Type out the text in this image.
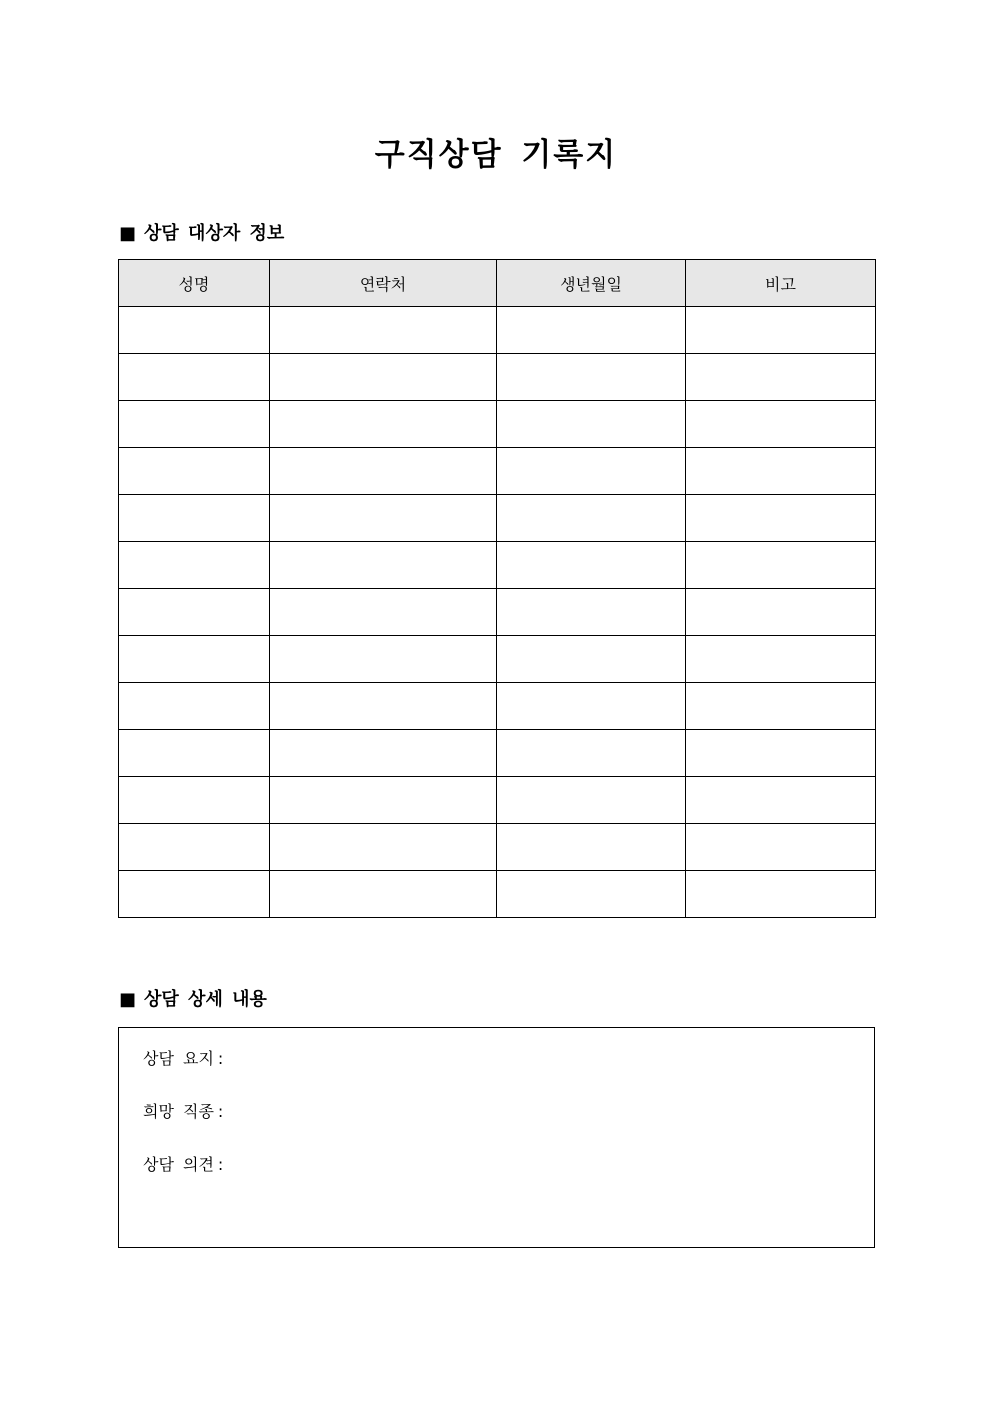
구직상담 기록지
■ 상담 대상자 정보
성명	연락처	생년월일	비고

■ 상담 상세 내용
상담 요지 :
희망 직종 :
상담 의견 :
